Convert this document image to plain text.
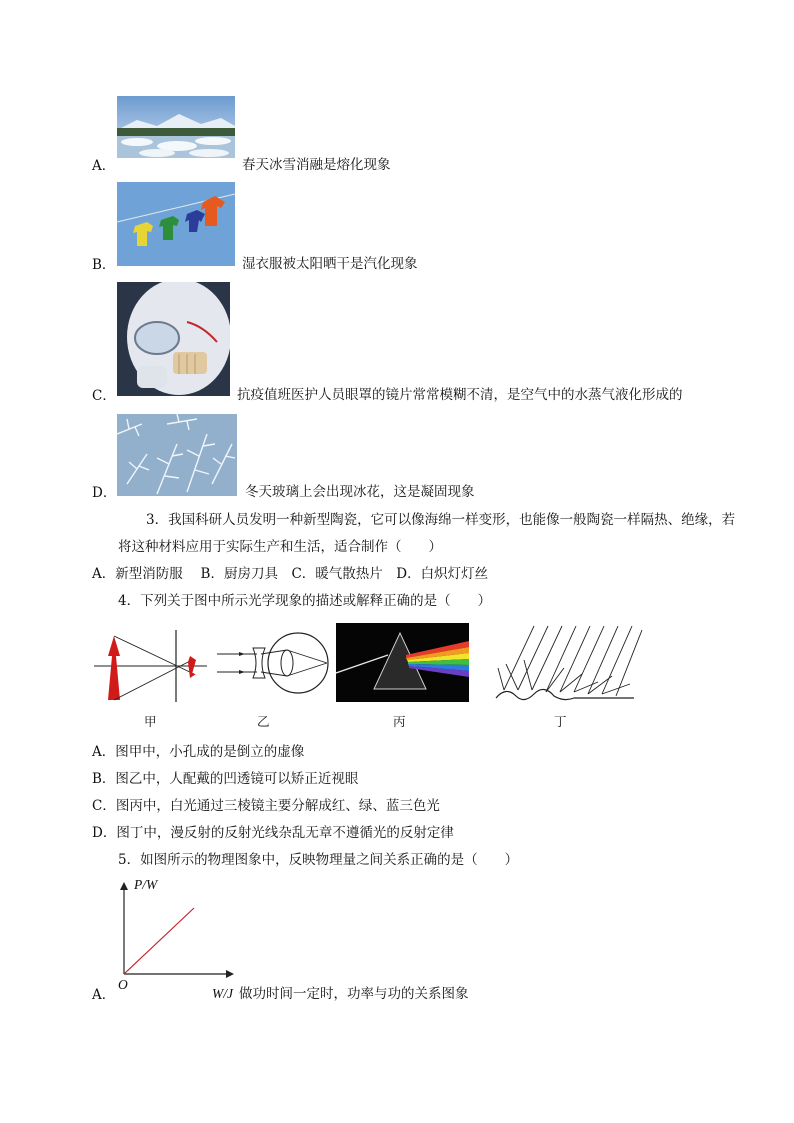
A．	春天冰雪消融是熔化现象
B．	湿衣服被太阳晒干是汽化现象
C．	抗疫值班医护人员眼罩的镜片常常模糊不清，是空气中的水蒸气液化形成的
D．	冬天玻璃上会出现冰花，这是凝固现象
3．我国科研人员发明一种新型陶瓷，它可以像海绵一样变形，也能像一般陶瓷一样隔热、绝缘，若
将这种材料应用于实际生产和生活，适合制作（　　）
A．新型消防服　 B．厨房刀具　C．暖气散热片　D．白炽灯灯丝
4．下列关于图中所示光学现象的描述或解释正确的是（　　）
甲	乙	丙	丁
A．图甲中，小孔成的是倒立的虚像
B．图乙中，人配戴的凹透镜可以矫正近视眼
C．图丙中，白光通过三棱镜主要分解成红、绿、蓝三色光
D．图丁中，漫反射的反射光线杂乱无章不遵循光的反射定律
5．如图所示的物理图象中，反映物理量之间关系正确的是（　　）
P/W
O
A．	W/J 做功时间一定时，功率与功的关系图象
